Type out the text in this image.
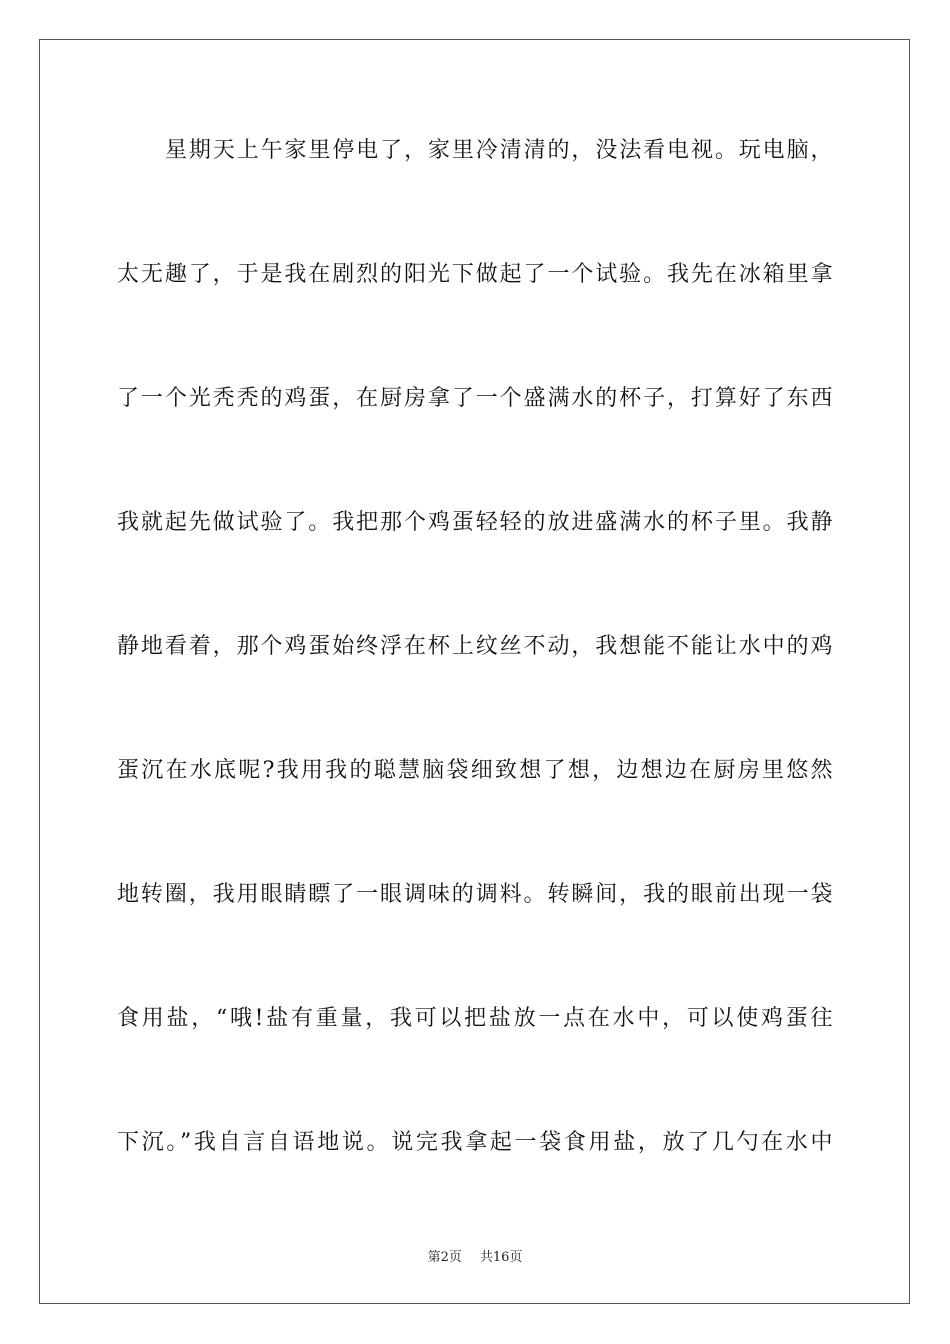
星期天上午家里停电了，家里冷清清的，没法看电视。玩电脑，
太无趣了，于是我在剧烈的阳光下做起了一个试验。我先在冰箱里拿
了一个光秃秃的鸡蛋，在厨房拿了一个盛满水的杯子，打算好了东西
我就起先做试验了。我把那个鸡蛋轻轻的放进盛满水的杯子里。我静
静地看着，那个鸡蛋始终浮在杯上纹丝不动，我想能不能让水中的鸡
蛋沉在水底呢?我用我的聪慧脑袋细致想了想，边想边在厨房里悠然
地转圈，我用眼睛瞟了一眼调味的调料。转瞬间，我的眼前出现一袋
食用盐，“哦!盐有重量，我可以把盐放一点在水中，可以使鸡蛋往
下沉。”我自言自语地说。说完我拿起一袋食用盐，放了几勺在水中
第2页 共16页
